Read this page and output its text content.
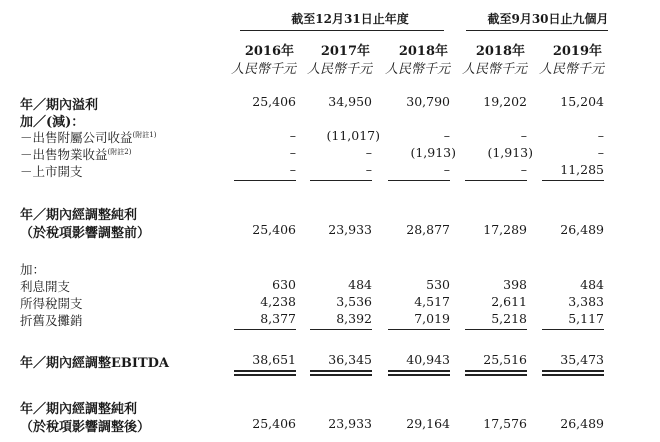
截至12月31日止年度	截至9月30日止九個月
2016年	2017年	2018年	2018年	2019年
人民幣千元 人民幣千元 人民幣千元 人民幣千元 人民幣千元
年／期內溢利	25,406	34,950	30,790	19,202	15,204
加／(減)：
－出售附屬公司收益$^{(附註1)}$	–	(11,017)	–	–	–
－出售物業收益$^{(附註2)}$	–	–	(1,913)	(1,913)	–
－上市開支	–	–	–	–	11,285
年／期內經調整純利
（於稅項影響調整前）	25,406	23,933	28,877	17,289	26,489
加：
利息開支	630	484	530	398	484
所得稅開支	4,238	3,536	4,517	2,611	3,383
折舊及攤銷	8,377	8,392	7,019	5,218	5,117
年／期內經調整EBITDA	38,651	36,345	40,943	25,516	35,473
年／期內經調整純利
（於稅項影響調整後）	25,406	23,933	29,164	17,576	26,489
